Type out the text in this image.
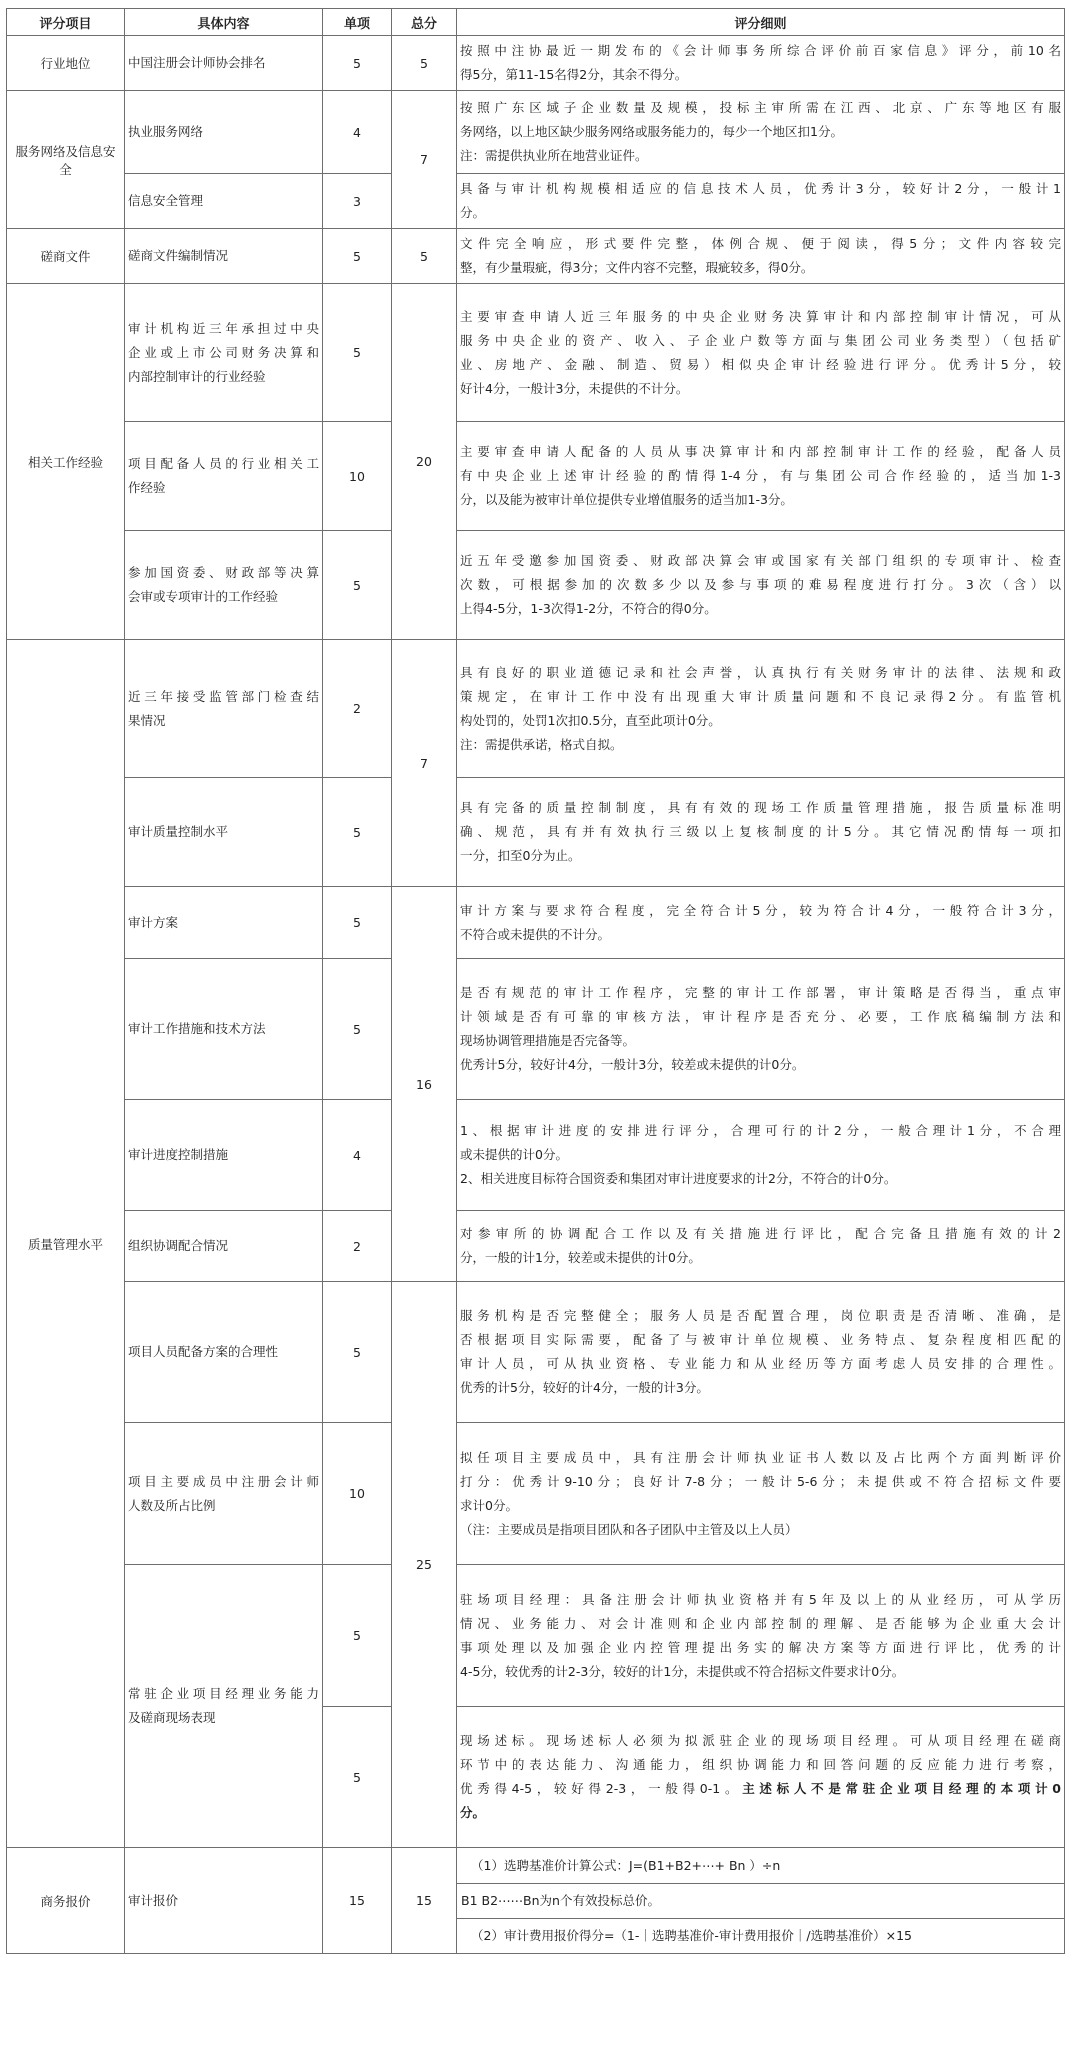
评分项目	具体内容	单项	总分	评分细则
行业地位	中国注册会计师协会排名	5	5	按照中注协最近一期发布的《会计师事务所综合评价前百家信息》评分，前10名
得5分，第11-15名得2分，其余不得分。

服务网络及信息安全	执业服务网络	4	7	按照广东区域子企业数量及规模，投标主审所需在江西、北京、广东等地区有服
务网络，以上地区缺少服务网络或服务能力的，每少一个地区扣1分。
注：需提供执业所在地营业证件。

	信息安全管理	3		具备与审计机构规模相适应的信息技术人员，优秀计3分，较好计2分，一般计1
分。

磋商文件	磋商文件编制情况	5	5	文件完全响应，形式要件完整，体例合规、便于阅读，得5分；文件内容较完
整，有少量瑕疵，得3分；文件内容不完整，瑕疵较多，得0分。

相关工作经验	审计机构近三年承担过中央
企业或上市公司财务决算和
内部控制审计的行业经验	5	20	主要审查申请人近三年服务的中央企业财务决算审计和内部控制审计情况，可从
服务中央企业的资产、收入、子企业户数等方面与集团公司业务类型）（包括矿
业、房地产、金融、制造、贸易）相似央企审计经验进行评分。优秀计5分，较
好计4分，一般计3分，未提供的不计分。

	项目配备人员的行业相关工
作经验	10		主要审查申请人配备的人员从事决算审计和内部控制审计工作的经验，配备人员
有中央企业上述审计经验的酌情得1-4分，有与集团公司合作经验的，适当加1-3
分，以及能为被审计单位提供专业增值服务的适当加1-3分。

	参加国资委、财政部等决算
会审或专项审计的工作经验	5		近五年受邀参加国资委、财政部决算会审或国家有关部门组织的专项审计、检查
次数，可根据参加的次数多少以及参与事项的难易程度进行打分。3次（含）以
上得4-5分，1-3次得1-2分，不符合的得0分。

质量管理水平	近三年接受监管部门检查结
果情况	2	7	具有良好的职业道德记录和社会声誉，认真执行有关财务审计的法律、法规和政
策规定，在审计工作中没有出现重大审计质量问题和不良记录得2分。有监管机
构处罚的，处罚1次扣0.5分，直至此项计0分。
注：需提供承诺，格式自拟。

	审计质量控制水平	5		具有完备的质量控制制度，具有有效的现场工作质量管理措施，报告质量标准明
确、规范，具有并有效执行三级以上复核制度的计5分。其它情况酌情每一项扣
一分，扣至0分为止。

	审计方案	5	16	审计方案与要求符合程度，完全符合计5分，较为符合计4分，一般符合计3分，
不符合或未提供的不计分。

	审计工作措施和技术方法	5		是否有规范的审计工作程序，完整的审计工作部署，审计策略是否得当，重点审
计领域是否有可靠的审核方法，审计程序是否充分、必要，工作底稿编制方法和
现场协调管理措施是否完备等。
优秀计5分，较好计4分，一般计3分，较差或未提供的计0分。

	审计进度控制措施	4		1、根据审计进度的安排进行评分，合理可行的计2分，一般合理计1分，不合理
或未提供的计0分。
2、相关进度目标符合国资委和集团对审计进度要求的计2分，不符合的计0分。

	组织协调配合情况	2		对参审所的协调配合工作以及有关措施进行评比，配合完备且措施有效的计2
分，一般的计1分，较差或未提供的计0分。

	项目人员配备方案的合理性	5	25	服务机构是否完整健全；服务人员是否配置合理，岗位职责是否清晰、准确，是
否根据项目实际需要，配备了与被审计单位规模、业务特点、复杂程度相匹配的
审计人员，可从执业资格、专业能力和从业经历等方面考虑人员安排的合理性。
优秀的计5分，较好的计4分，一般的计3分。

	项目主要成员中注册会计师
人数及所占比例	10		拟任项目主要成员中，具有注册会计师执业证书人数以及占比两个方面判断评价
打分：优秀计9-10分；良好计7-8分；一般计5-6分；未提供或不符合招标文件要
求计0分。
（注：主要成员是指项目团队和各子团队中主管及以上人员）

	常驻企业项目经理业务能力
及磋商现场表现	5		驻场项目经理：具备注册会计师执业资格并有5年及以上的从业经历，可从学历
情况、业务能力、对会计准则和企业内部控制的理解、是否能够为企业重大会计
事项处理以及加强企业内控管理提出务实的解决方案等方面进行评比，优秀的计
4-5分，较优秀的计2-3分，较好的计1分，未提供或不符合招标文件要求计0分。

		5		现场述标。现场述标人必须为拟派驻企业的现场项目经理。可从项目经理在磋商
环节中的表达能力、沟通能力，组织协调能力和回答问题的反应能力进行考察，
优秀得4-5，较好得2-3，一般得0-1。主述标人不是常驻企业项目经理的本项计0
分。

商务报价	审计报价	15	15	（1）选聘基准价计算公式：J=(B1+B2+⋯+ Bn ）÷n
B1 B2⋯⋯Bn为n个有效投标总价。
（2）审计费用报价得分=（1-｜选聘基准价-审计费用报价｜/选聘基准价）×15
